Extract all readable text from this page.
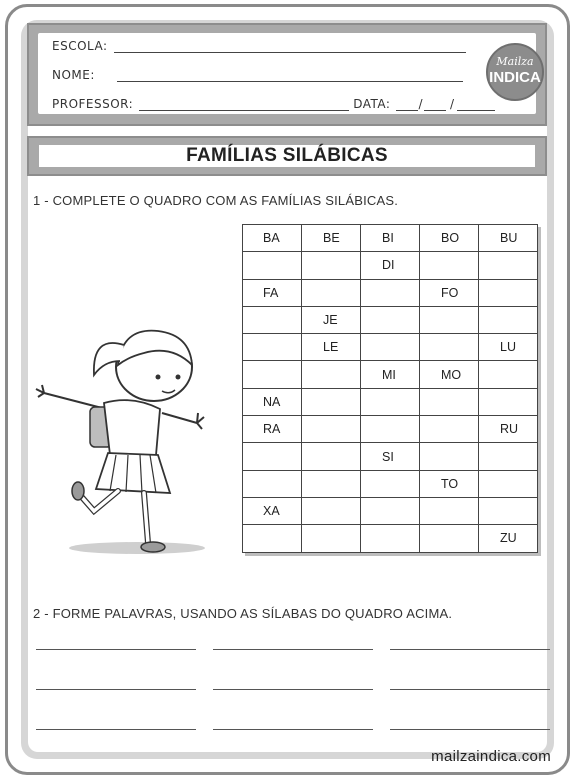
ESCOLA:
NOME:
PROFESSOR:	DATA: / /
Mailza
INDICA
FAMÍLIAS SILÁBICAS
1 - COMPLETE O QUADRO COM AS FAMÍLIAS SILÁBICAS.
BA	BE	BI	BO	BU
		DI		
FA			FO	
	JE			
	LE			LU
		MI	MO	
NA				
RA				RU
		SI		
			TO	
XA				
				ZU
2 - FORME PALAVRAS, USANDO AS SÍLABAS DO QUADRO ACIMA.
mailzaindica.com
